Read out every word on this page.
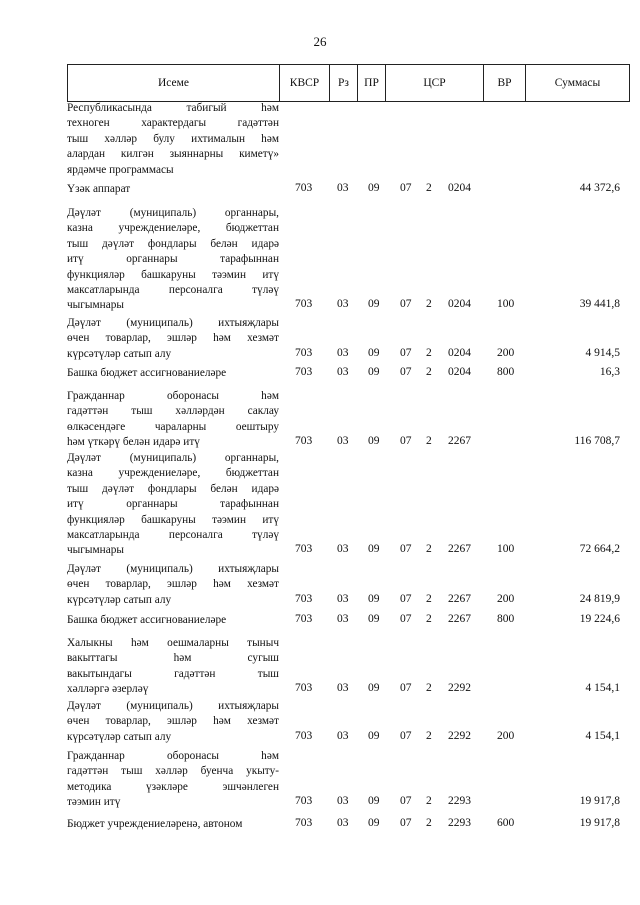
26
Исеме	КВСР	Рз	ПР	ЦСР	ВР	Суммасы
Республикасында табигый һәм
техноген характердагы гадәттән
тыш хәлләр булу ихтималын һәм
алардан килгән зыяннарны киметү»
ярдәмче программасы
Үзәк аппарат	703 03 09 07 2 0204	44 372,6
Дәүләт (муниципаль) органнары,
казна учреждениеләре, бюджеттан
тыш дәүләт фондлары белән идарә
итү органнары тарафыннан
функцияләр башкаруны тәэмин итү
максатларында персоналга түләү
чыгымнары	703 03 09 07 2 0204 100	39 441,8
Дәүләт (муниципаль) ихтыяҗлары
өчен товарлар, эшләр һәм хезмәт
күрсәтүләр сатып алу	703 03 09 07 2 0204 200	4 914,5
Башка бюджет ассигнованиеләре	703 03 09 07 2 0204 800	16,3
Гражданнар оборонасы һәм
гадәттән тыш хәлләрдән саклау
өлкәсендәге чараларны оештыру
һәм үткәрү белән идарә итү	703 03 09 07 2 2267	116 708,7
Дәүләт (муниципаль) органнары,
казна учреждениеләре, бюджеттан
тыш дәүләт фондлары белән идарә
итү органнары тарафыннан
функцияләр башкаруны тәэмин итү
максатларында персоналга түләү
чыгымнары	703 03 09 07 2 2267 100	72 664,2
Дәүләт (муниципаль) ихтыяҗлары
өчен товарлар, эшләр һәм хезмәт
күрсәтүләр сатып алу	703 03 09 07 2 2267 200	24 819,9
Башка бюджет ассигнованиеләре	703 03 09 07 2 2267 800	19 224,6
Халыкны һәм оешмаларны тыныч
вакыттагы һәм сугыш
вакытындагы гадәттән тыш
хәлләргә әзерләү	703 03 09 07 2 2292	4 154,1
Дәүләт (муниципаль) ихтыяҗлары
өчен товарлар, эшләр һәм хезмәт
күрсәтүләр сатып алу	703 03 09 07 2 2292 200	4 154,1
Гражданнар оборонасы һәм
гадәттән тыш хәлләр буенча укыту-
методика үзәкләре эшчәнлеген
тәэмин итү	703 03 09 07 2 2293	19 917,8
Бюджет учреждениеләренә, автоном	703 03 09 07 2 2293 600	19 917,8
